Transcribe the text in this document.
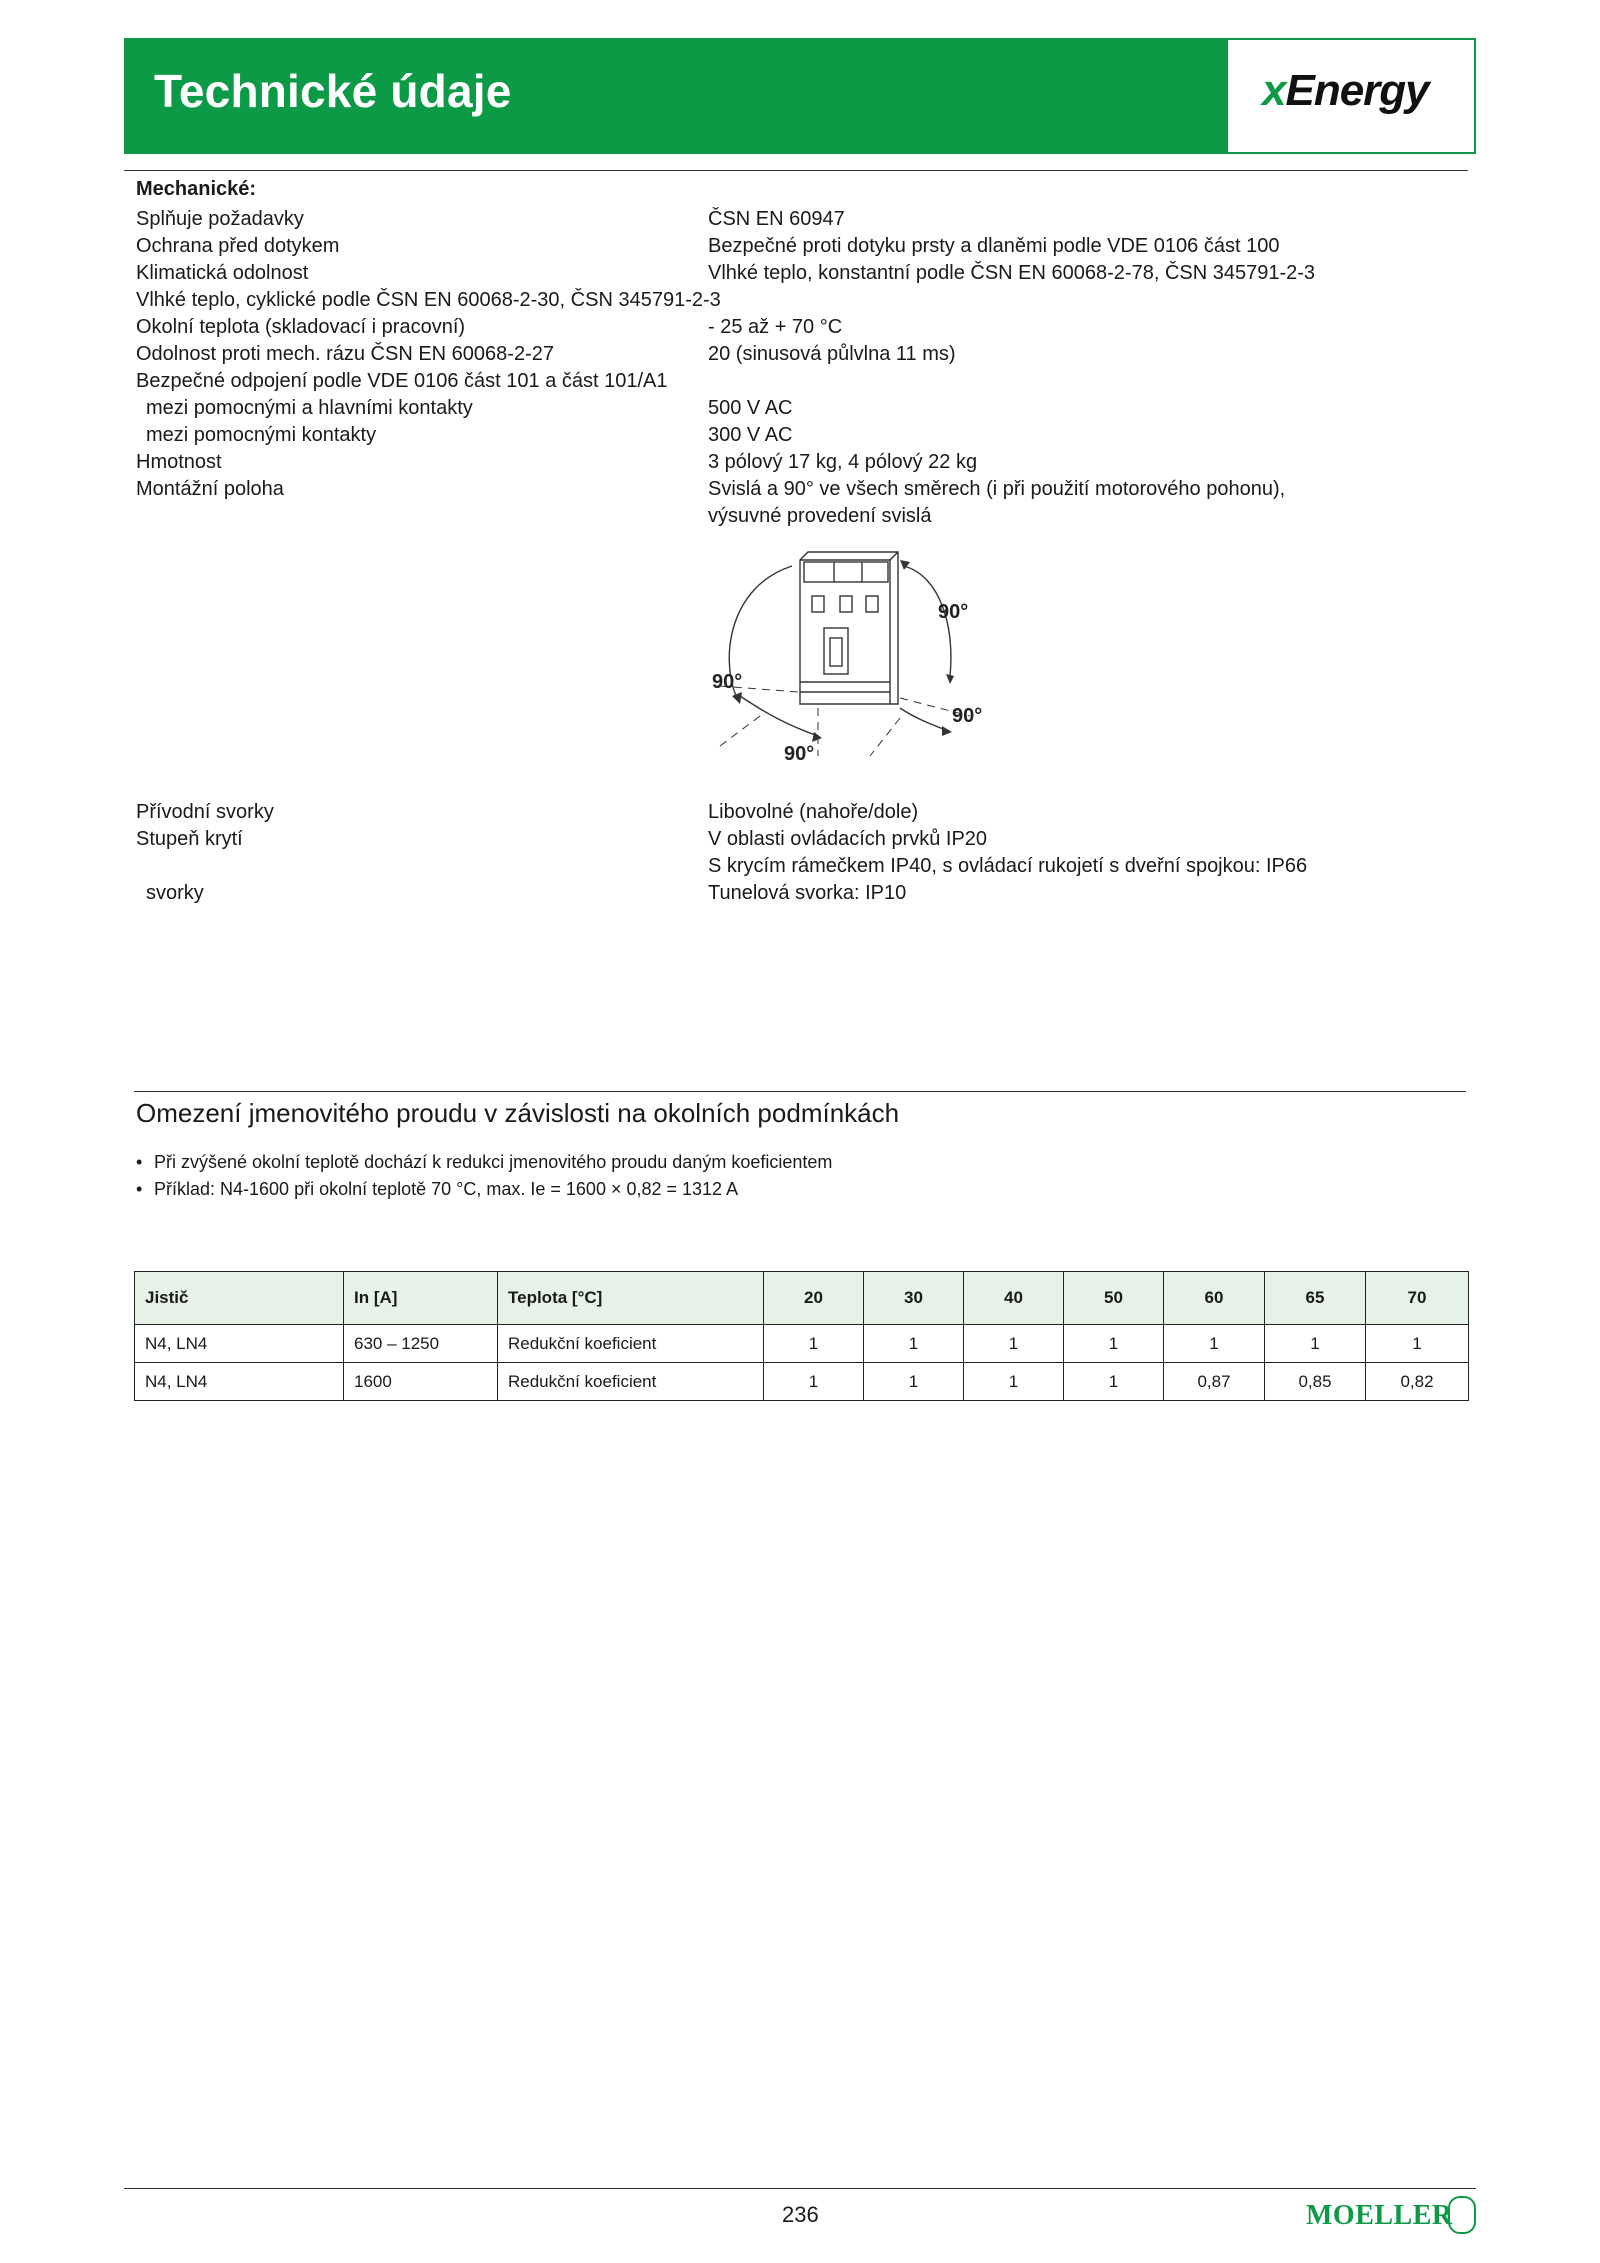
Technické údaje	xEnergy
Mechanické:
Splňuje požadavky	ČSN EN 60947
Ochrana před dotykem	Bezpečné proti dotyku prsty a dlaněmi podle VDE 0106 část 100
Klimatická odolnost	Vlhké teplo, konstantní podle ČSN EN 60068-2-78, ČSN 345791-2-3
Vlhké teplo, cyklické podle ČSN EN 60068-2-30, ČSN 345791-2-3
Okolní teplota (skladovací i pracovní)	- 25 až + 70 °C
Odolnost proti mech. rázu ČSN EN 60068-2-27	20 (sinusová půlvlna 11 ms)
Bezpečné odpojení podle VDE 0106 část 101 a část 101/A1
mezi pomocnými a hlavními kontakty	500 V AC
mezi pomocnými kontakty	300 V AC
Hmotnost	3 pólový 17 kg, 4 pólový 22 kg
Montážní poloha	Svislá a 90° ve všech směrech (i při použití motorového pohonu),
výsuvné provedení svislá
90°
90°
90°
90°
Přívodní svorky	Libovolné (nahoře/dole)
Stupeň krytí	V oblasti ovládacích prvků IP20
S krycím rámečkem IP40, s ovládací rukojetí s dveřní spojkou: IP66
svorky	Tunelová svorka: IP10
Omezení jmenovitého proudu v závislosti na okolních podmínkách
• Při zvýšené okolní teplotě dochází k redukci jmenovitého proudu daným koeficientem
• Příklad: N4-1600 při okolní teplotě 70 °C, max. Ie = 1600 × 0,82 = 1312 A
Jistič	In [A]	Teplota [°C]	20	30	40	50	60	65	70
N4, LN4	630 – 1250	Redukční koeficient	1	1	1	1	1	1	1
N4, LN4	1600	Redukční koeficient	1	1	1	1	0,87	0,85	0,82
236	MOELLER
